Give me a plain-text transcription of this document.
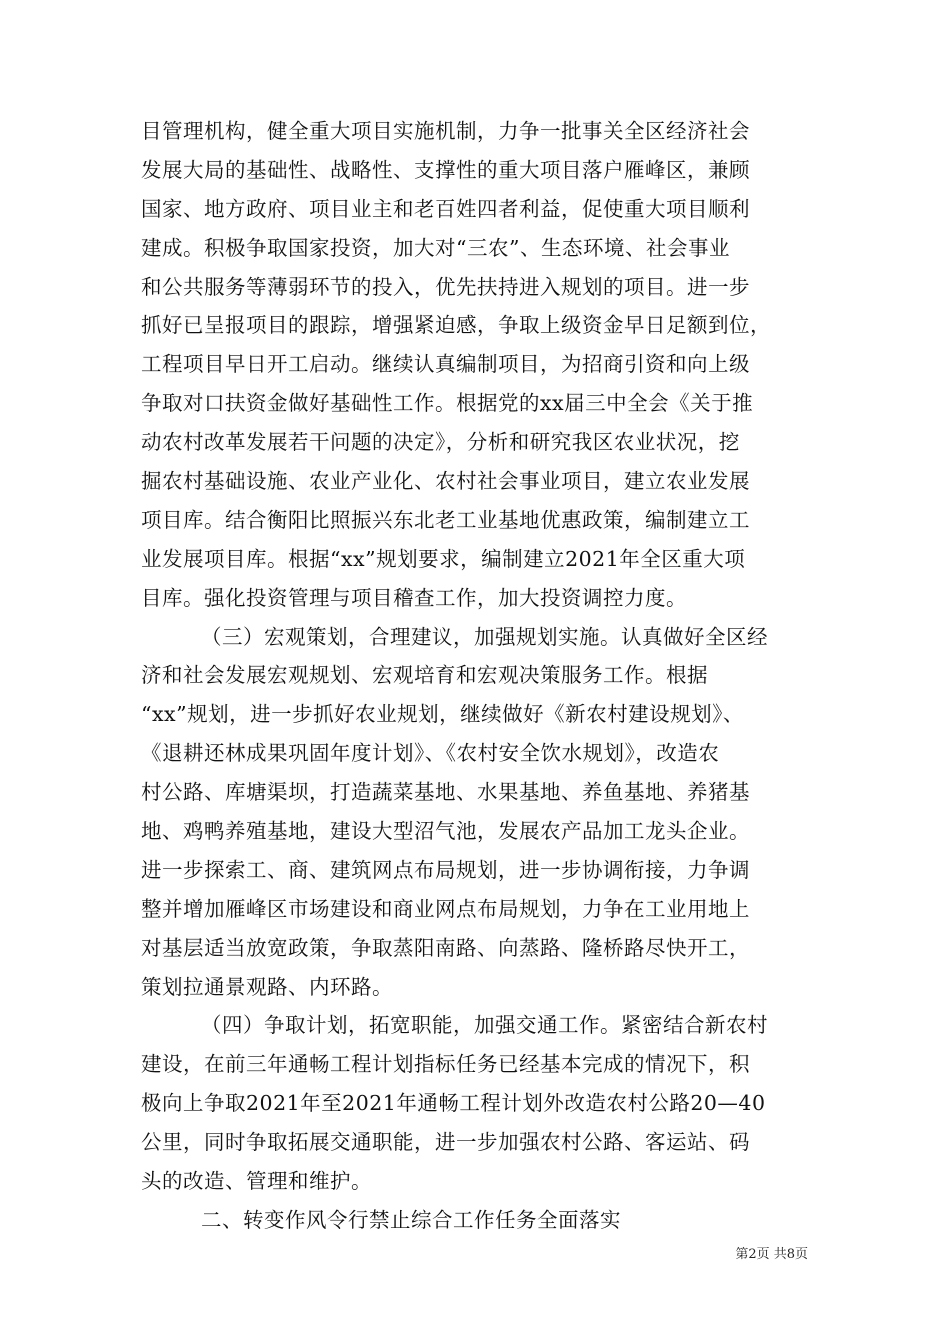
目管理机构，健全重大项目实施机制，力争一批事关全区经济社会
发展大局的基础性、战略性、支撑性的重大项目落户雁峰区，兼顾
国家、地方政府、项目业主和老百姓四者利益，促使重大项目顺利
建成。积极争取国家投资，加大对“三农”、生态环境、社会事业
和公共服务等薄弱环节的投入，优先扶持进入规划的项目。进一步
抓好已呈报项目的跟踪，增强紧迫感，争取上级资金早日足额到位，
工程项目早日开工启动。继续认真编制项目，为招商引资和向上级
争取对口扶资金做好基础性工作。根据党的xx届三中全会《关于推
动农村改革发展若干问题的决定》，分析和研究我区农业状况，挖
掘农村基础设施、农业产业化、农村社会事业项目，建立农业发展
项目库。结合衡阳比照振兴东北老工业基地优惠政策，编制建立工
业发展项目库。根据“xx”规划要求，编制建立2021年全区重大项
目库。强化投资管理与项目稽查工作，加大投资调控力度。
（三）宏观策划，合理建议，加强规划实施。认真做好全区经
济和社会发展宏观规划、宏观培育和宏观决策服务工作。根据
“xx”规划，进一步抓好农业规划，继续做好《新农村建设规划》、
《退耕还林成果巩固年度计划》、《农村安全饮水规划》，改造农
村公路、库塘渠坝，打造蔬菜基地、水果基地、养鱼基地、养猪基
地、鸡鸭养殖基地，建设大型沼气池，发展农产品加工龙头企业。
进一步探索工、商、建筑网点布局规划，进一步协调衔接，力争调
整并增加雁峰区市场建设和商业网点布局规划，力争在工业用地上
对基层适当放宽政策，争取蒸阳南路、向蒸路、隆桥路尽快开工，
策划拉通景观路、内环路。
（四）争取计划，拓宽职能，加强交通工作。紧密结合新农村
建设，在前三年通畅工程计划指标任务已经基本完成的情况下，积
极向上争取2021年至2021年通畅工程计划外改造农村公路20—40
公里，同时争取拓展交通职能，进一步加强农村公路、客运站、码
头的改造、管理和维护。
二、转变作风令行禁止综合工作任务全面落实
第2页 共8页
